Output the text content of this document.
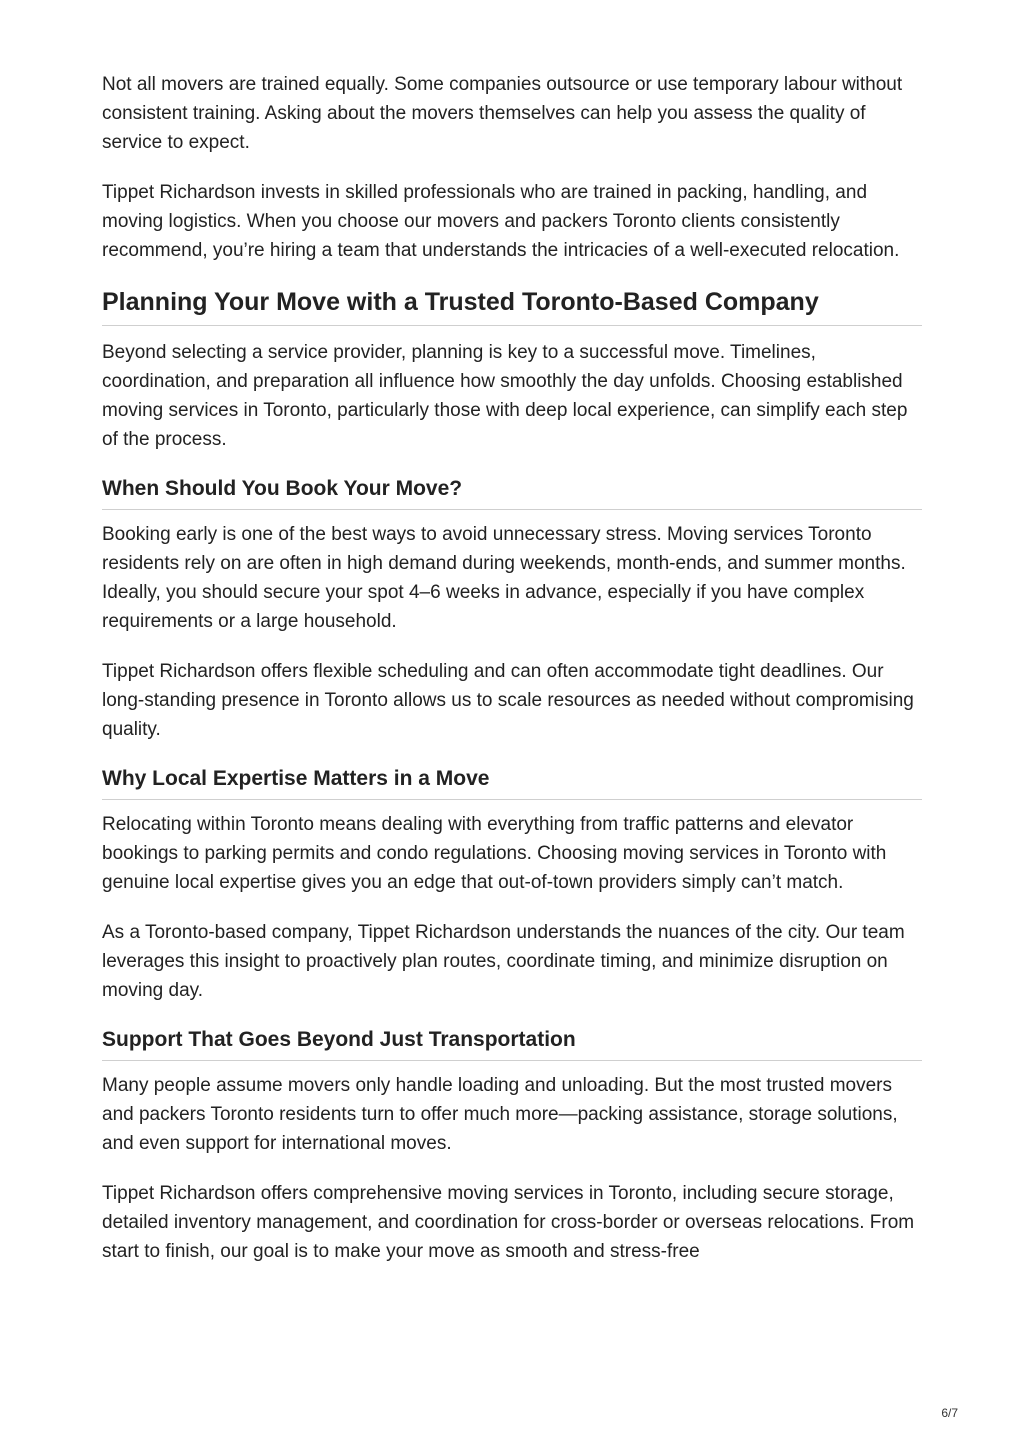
Not all movers are trained equally. Some companies outsource or use temporary labour without consistent training. Asking about the movers themselves can help you assess the quality of service to expect.

Tippet Richardson invests in skilled professionals who are trained in packing, handling, and moving logistics. When you choose our movers and packers Toronto clients consistently recommend, you’re hiring a team that understands the intricacies of a well-executed relocation.

Planning Your Move with a Trusted Toronto-Based Company

Beyond selecting a service provider, planning is key to a successful move. Timelines, coordination, and preparation all influence how smoothly the day unfolds. Choosing established moving services in Toronto, particularly those with deep local experience, can simplify each step of the process.

When Should You Book Your Move?

Booking early is one of the best ways to avoid unnecessary stress. Moving services Toronto residents rely on are often in high demand during weekends, month-ends, and summer months. Ideally, you should secure your spot 4–6 weeks in advance, especially if you have complex requirements or a large household.

Tippet Richardson offers flexible scheduling and can often accommodate tight deadlines. Our long-standing presence in Toronto allows us to scale resources as needed without compromising quality.

Why Local Expertise Matters in a Move

Relocating within Toronto means dealing with everything from traffic patterns and elevator bookings to parking permits and condo regulations. Choosing moving services in Toronto with genuine local expertise gives you an edge that out-of-town providers simply can’t match.

As a Toronto-based company, Tippet Richardson understands the nuances of the city. Our team leverages this insight to proactively plan routes, coordinate timing, and minimize disruption on moving day.

Support That Goes Beyond Just Transportation

Many people assume movers only handle loading and unloading. But the most trusted movers and packers Toronto residents turn to offer much more—packing assistance, storage solutions, and even support for international moves.

Tippet Richardson offers comprehensive moving services in Toronto, including secure storage, detailed inventory management, and coordination for cross-border or overseas relocations. From start to finish, our goal is to make your move as smooth and stress-free

6/7
